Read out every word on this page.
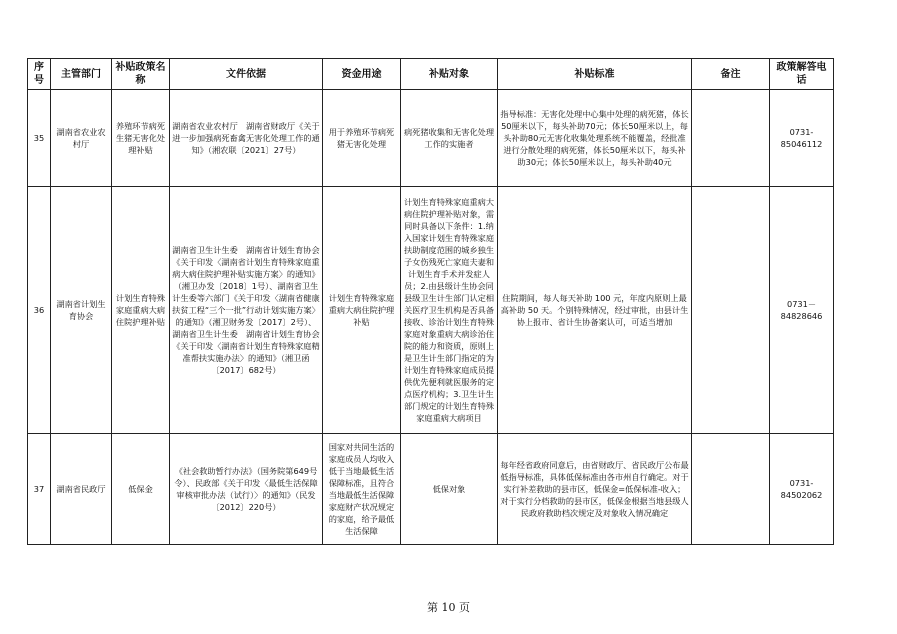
序号	主管部门	补贴政策名称	文件依据	资金用途	补贴对象	补贴标准	备注	政策解答电话
35	湖南省农业农村厅	养殖环节病死生猪无害化处理补贴	湖南省农业农村厅　湖南省财政厅《关于进一步加强病死畜禽无害化处理工作的通知》（湘农联〔2021〕27号）	用于养殖环节病死猪无害化处理	病死猪收集和无害化处理工作的实施者	指导标准：无害化处理中心集中处理的病死猪，体长50厘米以下，每头补助70元；体长50厘米以上，每头补助80元无害化收集处理系统不能覆盖，经批准进行分散处理的病死猪，体长50厘米以下，每头补助30元；体长50厘米以上，每头补助40元		0731-85046112
36	湖南省计划生育协会	计划生育特殊家庭重病大病住院护理补贴	湖南省卫生计生委　湖南省计划生育协会《关于印发〈湖南省计划生育特殊家庭重病大病住院护理补贴实施方案〉的通知》（湘卫办发〔2018〕1号）、湖南省卫生计生委等六部门《关于印发〈湖南省健康扶贫工程“三个一批”行动计划实施方案〉的通知》（湘卫财务发〔2017〕2号）、湖南省卫生计生委　湖南省计划生育协会《关于印发〈湖南省计划生育特殊家庭精准帮扶实施办法〉的通知》（湘卫函〔2017〕682号）	计划生育特殊家庭重病大病住院护理补贴	计划生育特殊家庭重病大病住院护理补贴对象，需同时具备以下条件：1.纳入国家计划生育特殊家庭扶助制度范围的城乡独生子女伤残死亡家庭夫妻和计划生育手术并发症人员；2.由县级计生协会同县级卫生计生部门认定相关医疗卫生机构是否具备接收、诊治计划生育特殊家庭对象重病大病诊治住院的能力和资质，原则上是卫生计生部门指定的为计划生育特殊家庭成员提供优先便利就医服务的定点医疗机构；3.卫生计生部门规定的计划生育特殊家庭重病大病项目	住院期间，每人每天补助 100 元，年度内原则上最高补助 50 天。个别特殊情况，经过审批，由县计生协上报市、省计生协备案认可，可适当增加		0731－84828646
37	湖南省民政厅	低保金	《社会救助暂行办法》（国务院第649号令）、民政部《关于印发〈最低生活保障审核审批办法（试行）〉的通知》（民发〔2012〕220号）	国家对共同生活的家庭成员人均收入低于当地最低生活保障标准，且符合当地最低生活保障家庭财产状况规定的家庭，给予最低生活保障	低保对象	每年经省政府同意后，由省财政厅、省民政厅公布最低指导标准，具体低保标准由各市州自行确定。对于实行补差救助的县市区，低保金=低保标准-收入；对于实行分档救助的县市区，低保金根据当地县级人民政府救助档次规定及对象收入情况确定		0731-84502062
第 10 页
